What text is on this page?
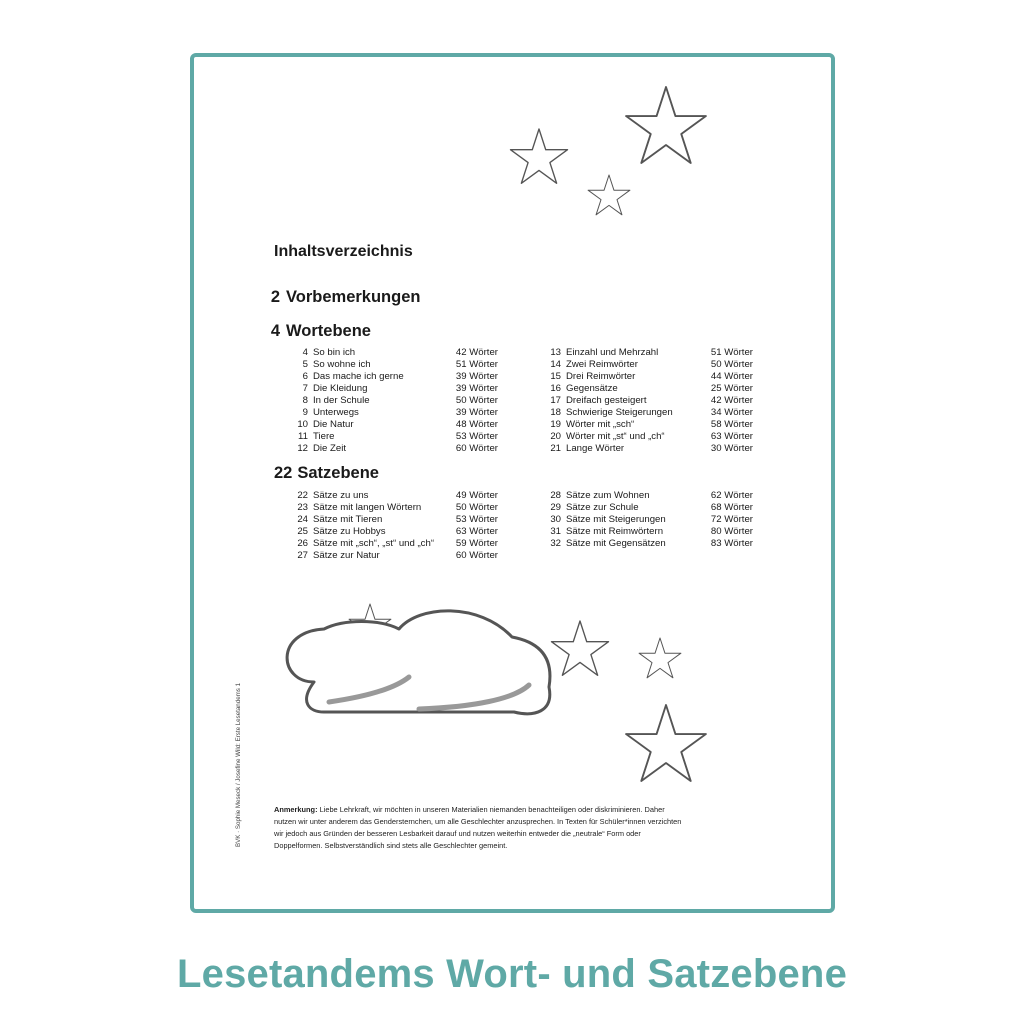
Inhaltsverzeichnis
2 Vorbemerkungen
4 Wortebene
4 So bin ich	42 Wörter
5 So wohne ich	51 Wörter
6 Das mache ich gerne	39 Wörter
7 Die Kleidung	39 Wörter
8 In der Schule	50 Wörter
9 Unterwegs	39 Wörter
10 Die Natur	48 Wörter
11 Tiere	53 Wörter
12 Die Zeit	60 Wörter
13 Einzahl und Mehrzahl	51 Wörter
14 Zwei Reimwörter	50 Wörter
15 Drei Reimwörter	44 Wörter
16 Gegensätze	25 Wörter
17 Dreifach gesteigert	42 Wörter
18 Schwierige Steigerungen	34 Wörter
19 Wörter mit „sch“	58 Wörter
20 Wörter mit „st“ und „ch“	63 Wörter
21 Lange Wörter	30 Wörter
22 Satzebene
22 Sätze zu uns	49 Wörter
23 Sätze mit langen Wörtern	50 Wörter
24 Sätze mit Tieren	53 Wörter
25 Sätze zu Hobbys	63 Wörter
26 Sätze mit „sch“, „st“ und „ch“	59 Wörter
27 Sätze zur Natur	60 Wörter
28 Sätze zum Wohnen	62 Wörter
29 Sätze zur Schule	68 Wörter
30 Sätze mit Steigerungen	72 Wörter
31 Sätze mit Reimwörtern	80 Wörter
32 Sätze mit Gegensätzen	83 Wörter
Anmerkung: Liebe Lehrkraft, wir möchten in unseren Materialien niemanden benachteiligen oder diskriminieren. Daher
nutzen wir unter anderem das Gendersternchen, um alle Geschlechter anzusprechen. In Texten für Schüler*innen verzichten
wir jedoch aus Gründen der besseren Lesbarkeit darauf und nutzen weiterhin entweder die „neutrale“ Form oder
Doppelformen. Selbstverständlich sind stets alle Geschlechter gemeint.
BVK · Sophie Meseck / Josefine Wild: Erste Lesetandems 1
Lesetandems Wort- und Satzebene
